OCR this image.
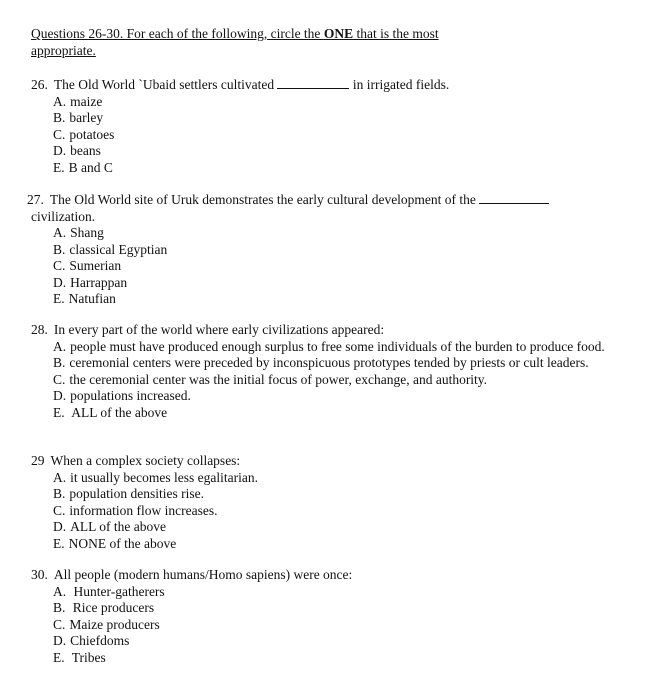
Questions 26-30. For each of the following, circle the ONE that is the most appropriate.
26. The Old World `Ubaid settlers cultivated	in irrigated fields.
A. maize
B. barley
C. potatoes
D. beans
E. B and C
27. The Old World site of Uruk demonstrates the early cultural development of the
civilization.
A. Shang
B. classical Egyptian
C. Sumerian
D. Harrappan
E. Natufian
28. In every part of the world where early civilizations appeared:
A. people must have produced enough surplus to free some individuals of the burden to produce food.
B. ceremonial centers were preceded by inconspicuous prototypes tended by priests or cult leaders.
C. the ceremonial center was the initial focus of power, exchange, and authority.
D. populations increased.
E. ALL of the above
29 When a complex society collapses:
A. it usually becomes less egalitarian.
B. population densities rise.
C. information flow increases.
D. ALL of the above
E. NONE of the above
30. All people (modern humans/Homo sapiens) were once:
A. Hunter-gatherers
B. Rice producers
C. Maize producers
D. Chiefdoms
E. Tribes
